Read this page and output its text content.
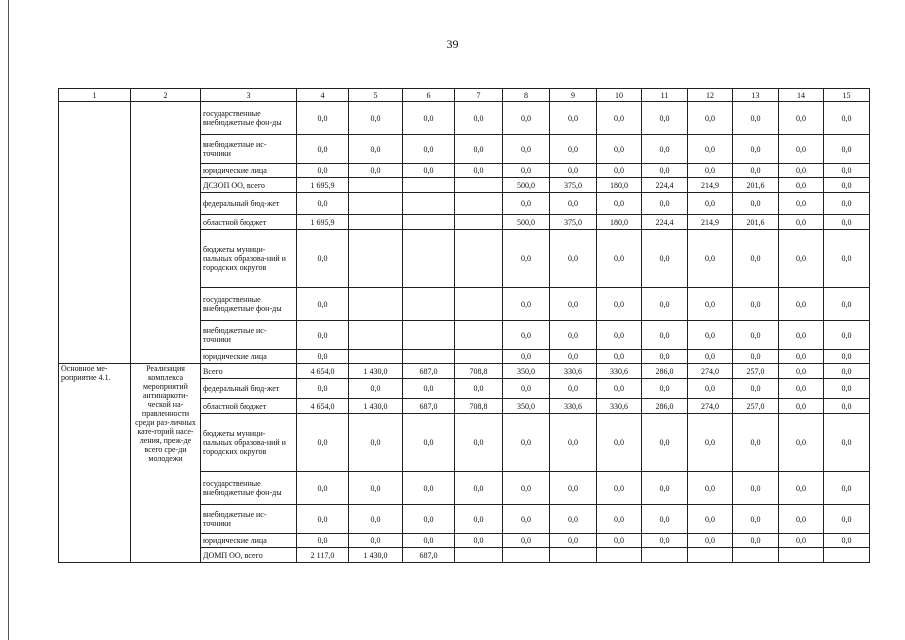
39
1	2	3	4	5	6	7	8	9	10	11	12	13	14	15
		государственные внебюджетные фон-ды	0,0	0,0	0,0	0,0	0,0	0,0	0,0	0,0	0,0	0,0	0,0	0,0
		внебюджетные ис-точники	0,0	0,0	0,0	0,0	0,0	0,0	0,0	0,0	0,0	0,0	0,0	0,0
		юридические лица	0,0	0,0	0,0	0,0	0,0	0,0	0,0	0,0	0,0	0,0	0,0	0,0
		ДСЗОП ОО, всего	1 695,9				500,0	375,0	180,0	224,4	214,9	201,6	0,0	0,0
		федеральный бюд-жет	0,0				0,0	0,0	0,0	0,0	0,0	0,0	0,0	0,0
		областной бюджет	1 695,9				500,0	375,0	180,0	224,4	214,9	201,6	0,0	0,0
		бюджеты муници-пальных образова-ний и городских округов	0,0				0,0	0,0	0,0	0,0	0,0	0,0	0,0	0,0
		государственные внебюджетные фон-ды	0,0				0,0	0,0	0,0	0,0	0,0	0,0	0,0	0,0
		внебюджетные ис-точники	0,0				0,0	0,0	0,0	0,0	0,0	0,0	0,0	0,0
		юридические лица	0,0				0,0	0,0	0,0	0,0	0,0	0,0	0,0	0,0
Основное ме-роприятие 4.1.	Реализация комплекса мероприятий антинаркоти-ческой на-правленности среди раз-личных кате-горий насе-ления, преж-де всего сре-ди молодежи	Всего	4 654,0	1 430,0	687,0	708,8	350,0	330,6	330,6	286,0	274,0	257,0	0,0	0,0
		федеральный бюд-жет	0,0	0,0	0,0	0,0	0,0	0,0	0,0	0,0	0,0	0,0	0,0	0,0
		областной бюджет	4 654,0	1 430,0	687,0	708,8	350,0	330,6	330,6	286,0	274,0	257,0	0,0	0,0
		бюджеты муници-пальных образова-ний и городских округов	0,0	0,0	0,0	0,0	0,0	0,0	0,0	0,0	0,0	0,0	0,0	0,0
		государственные внебюджетные фон-ды	0,0	0,0	0,0	0,0	0,0	0,0	0,0	0,0	0,0	0,0	0,0	0,0
		внебюджетные ис-точники	0,0	0,0	0,0	0,0	0,0	0,0	0,0	0,0	0,0	0,0	0,0	0,0
		юридические лица	0,0	0,0	0,0	0,0	0,0	0,0	0,0	0,0	0,0	0,0	0,0	0,0
		ДОМП ОО, всего	2 117,0	1 430,0	687,0									
